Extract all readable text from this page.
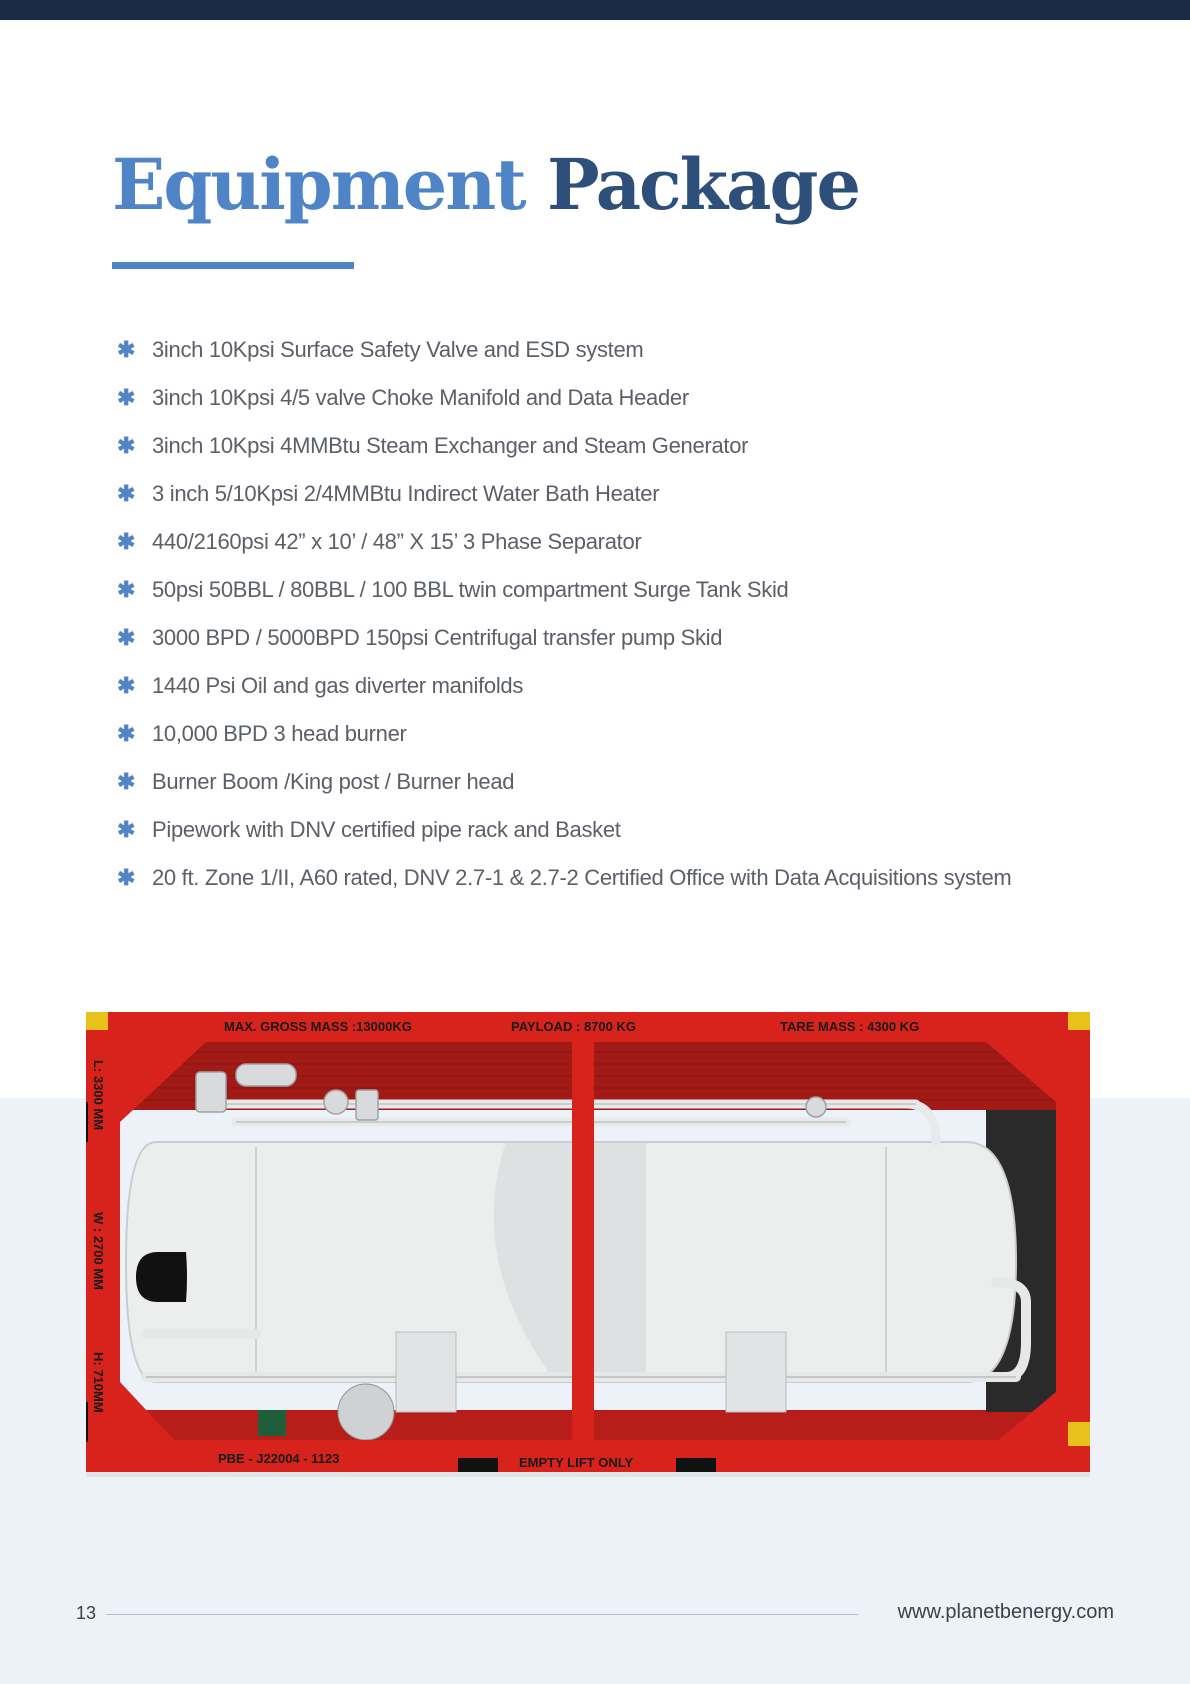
Equipment Package
✱ 3inch 10Kpsi Surface Safety Valve and ESD system
✱ 3inch 10Kpsi 4/5 valve Choke Manifold and Data Header
✱ 3inch 10Kpsi 4MMBtu Steam Exchanger and Steam Generator
✱ 3 inch 5/10Kpsi 2/4MMBtu Indirect Water Bath Heater
✱ 440/2160psi 42” x 10’ / 48” X 15’ 3 Phase Separator
✱ 50psi 50BBL / 80BBL / 100 BBL twin compartment Surge Tank Skid
✱ 3000 BPD / 5000BPD 150psi Centrifugal transfer pump Skid
✱ 1440 Psi Oil and gas diverter manifolds
✱ 10,000 BPD 3 head burner
✱ Burner Boom /King post / Burner head
✱ Pipework with DNV certified pipe rack and Basket
✱ 20 ft. Zone 1/II, A60 rated, DNV 2.7-1 & 2.7-2 Certified Office with Data Acquisitions system
MAX. GROSS MASS :13000KG	PAYLOAD : 8700 KG	TARE MASS : 4300 KG
L: 3300 MM
W : 2700 MM
H: 710MM
PBE - J22004 - 1123	EMPTY LIFT ONLY
13	www.planetbenergy.com
